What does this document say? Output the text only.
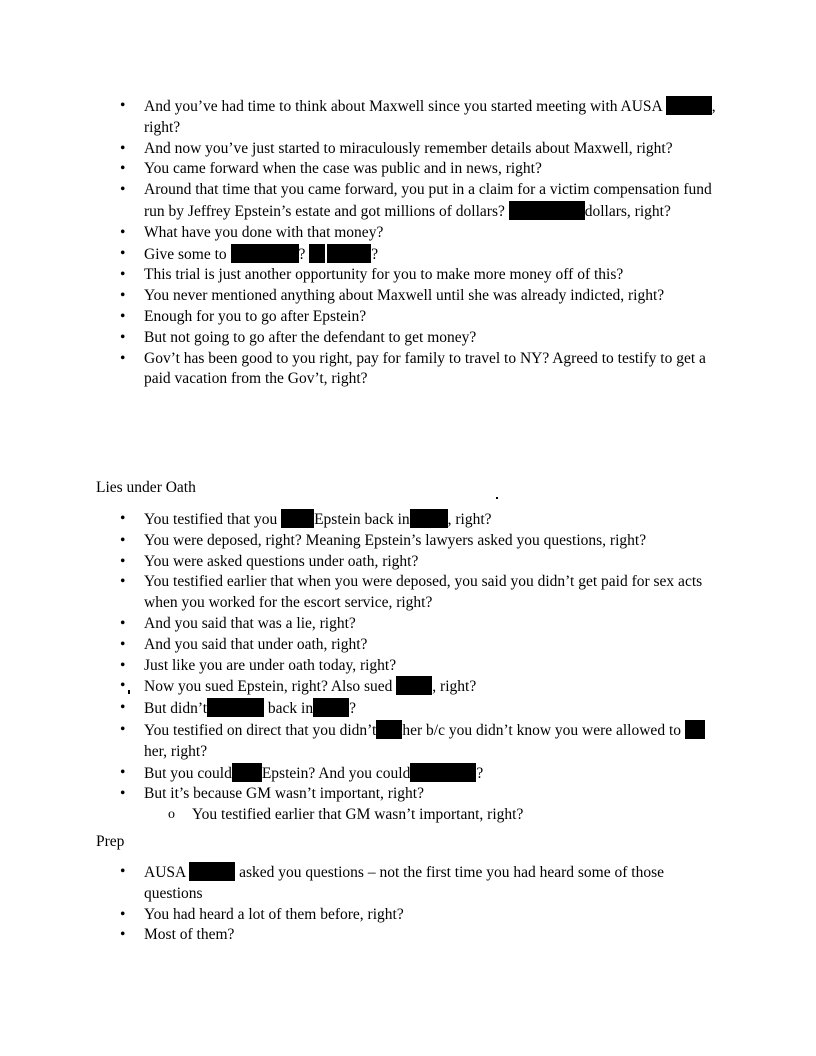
• And you’ve had time to think about Maxwell since you started meeting with AUSA	, right?
• And now you’ve just started to miraculously remember details about Maxwell, right?
• You came forward when the case was public and in news, right?
• Around that time that you came forward, you put in a claim for a victim compensation fund run by Jeffrey Epstein’s estate and got millions of dollars?	dollars, right?
• What have you done with that money?
• Give some to	?	?
• This trial is just another opportunity for you to make more money off of this?
• You never mentioned anything about Maxwell until she was already indicted, right?
• Enough for you to go after Epstein?
• But not going to go after the defendant to get money?
• Gov’t has been good to you right, pay for family to travel to NY? Agreed to testify to get a paid vacation from the Gov’t, right?

Lies under Oath

• You testified that you Epstein back in , right?
• You were deposed, right? Meaning Epstein’s lawyers asked you questions, right?
• You were asked questions under oath, right?
• You testified earlier that when you were deposed, you said you didn’t get paid for sex acts when you worked for the escort service, right?
• And you said that was a lie, right?
• And you said that under oath, right?
• Just like you are under oath today, right?
• Now you sued Epstein, right? Also sued , right?
• But didn’t	back in ?
• You testified on direct that you didn’t her b/c you didn’t know you were allowed to  her, right?
• But you could Epstein? And you could	?
• But it’s because GM wasn’t important, right?
o You testified earlier that GM wasn’t important, right?

Prep

• AUSA	asked you questions – not the first time you had heard some of those questions
• You had heard a lot of them before, right?
• Most of them?
